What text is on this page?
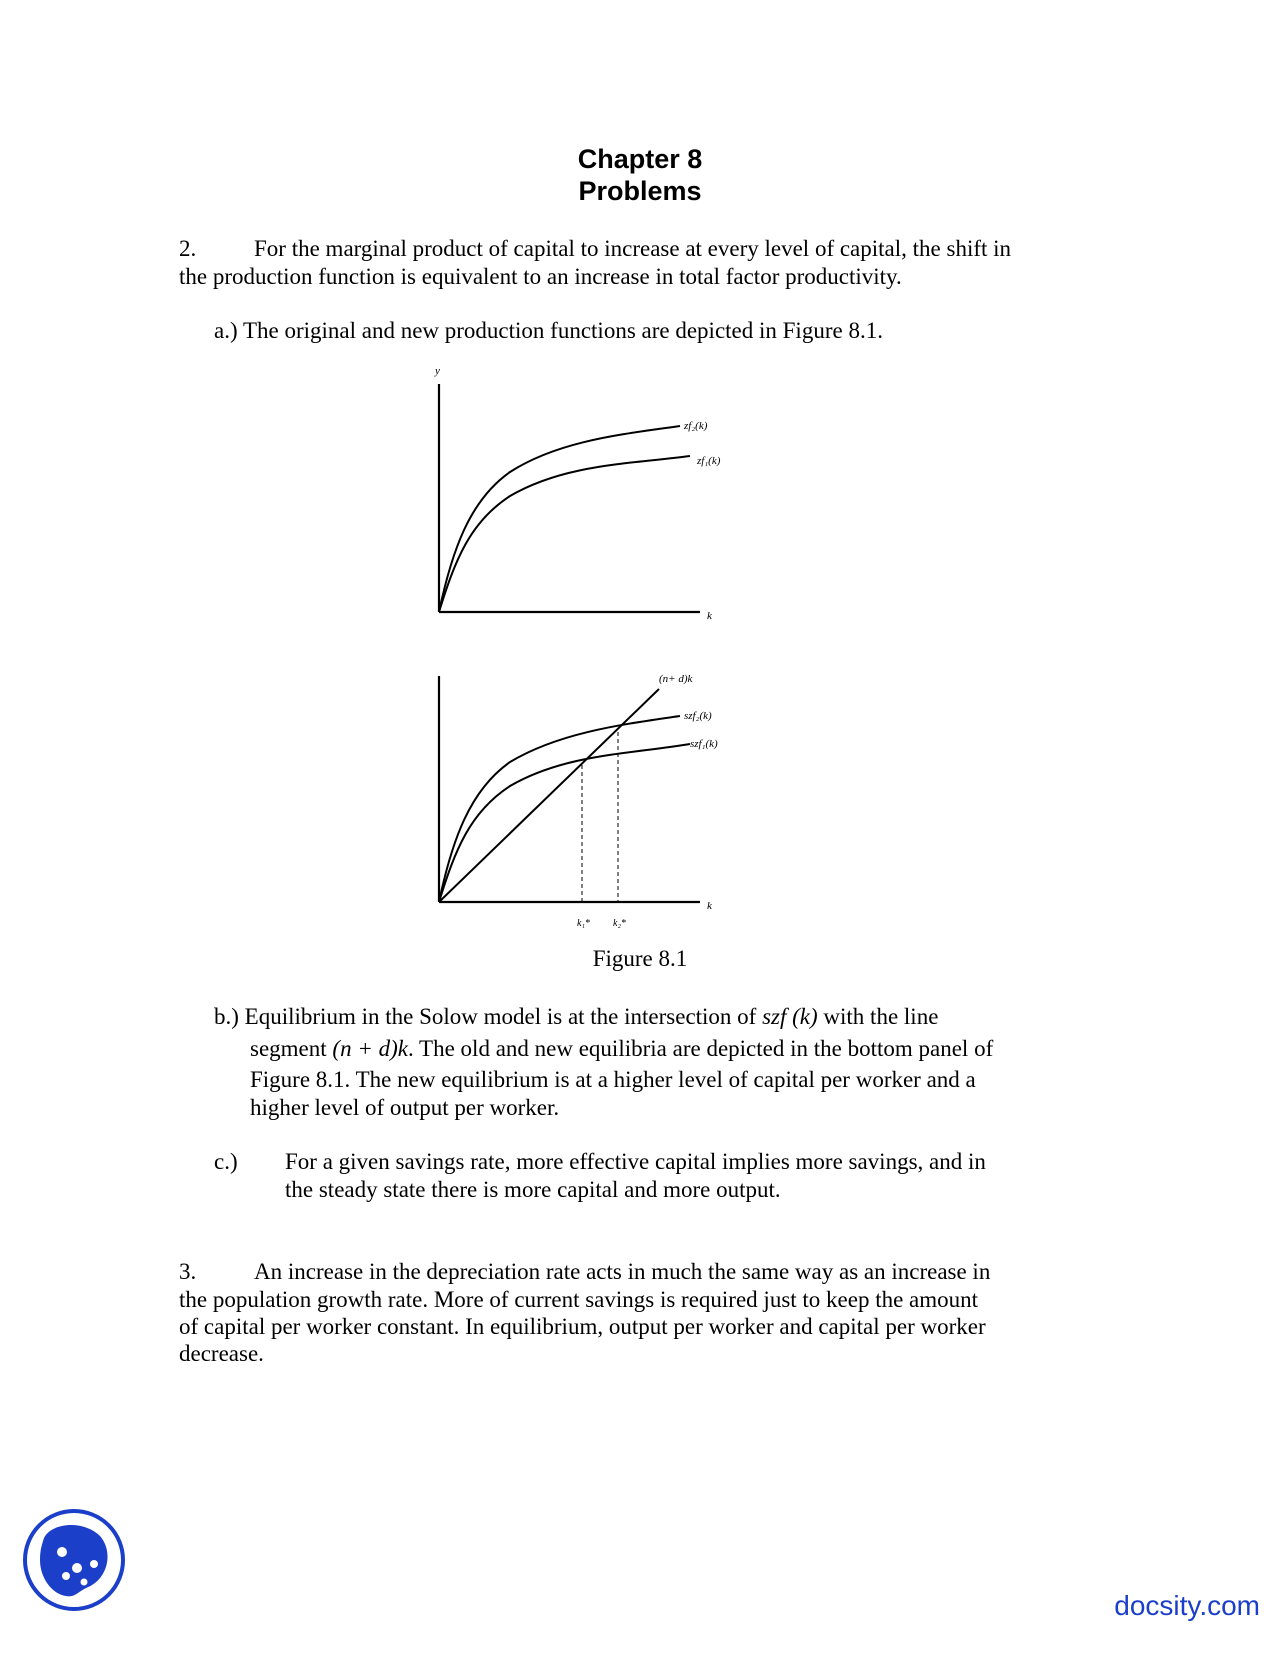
Chapter 8
Problems
2.	For the marginal product of capital to increase at every level of capital, the shift in
the production function is equivalent to an increase in total factor productivity.
a.) The original and new production functions are depicted in Figure 8.1.
y
k
zf₂(k)
zf₁(k)
k
(n+ d)k
szf₂(k)
szf₁(k)
k₁* k₂*
Figure 8.1
b.) Equilibrium in the Solow model is at the intersection of szf (k) with the line
segment (n + d)k. The old and new equilibria are depicted in the bottom panel of
Figure 8.1. The new equilibrium is at a higher level of capital per worker and a
higher level of output per worker.
c.) For a given savings rate, more effective capital implies more savings, and in
the steady state there is more capital and more output.
3.	An increase in the depreciation rate acts in much the same way as an increase in
the population growth rate. More of current savings is required just to keep the amount
of capital per worker constant. In equilibrium, output per worker and capital per worker
decrease.
docsity.com
